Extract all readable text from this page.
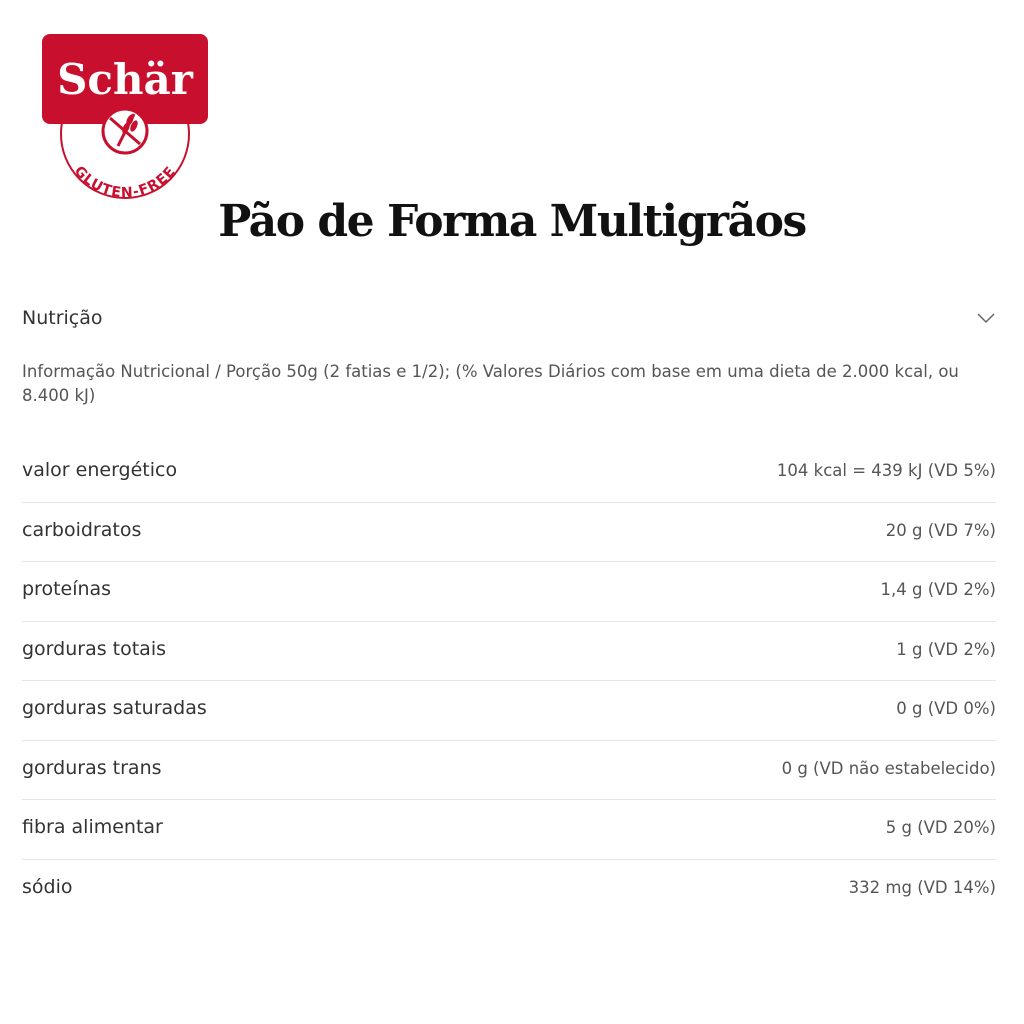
Schär
GLUTEN-FREE
Pão de Forma Multigrãos
Nutrição
Informação Nutricional / Porção 50g (2 fatias e 1/2); (% Valores Diários com base em uma dieta de 2.000 kcal, ou 8.400 kJ)
valor energético	104 kcal = 439 kJ (VD 5%)
carboidratos	20 g (VD 7%)
proteínas	1,4 g (VD 2%)
gorduras totais	1 g (VD 2%)
gorduras saturadas	0 g (VD 0%)
gorduras trans	0 g (VD não estabelecido)
fibra alimentar	5 g (VD 20%)
sódio	332 mg (VD 14%)
